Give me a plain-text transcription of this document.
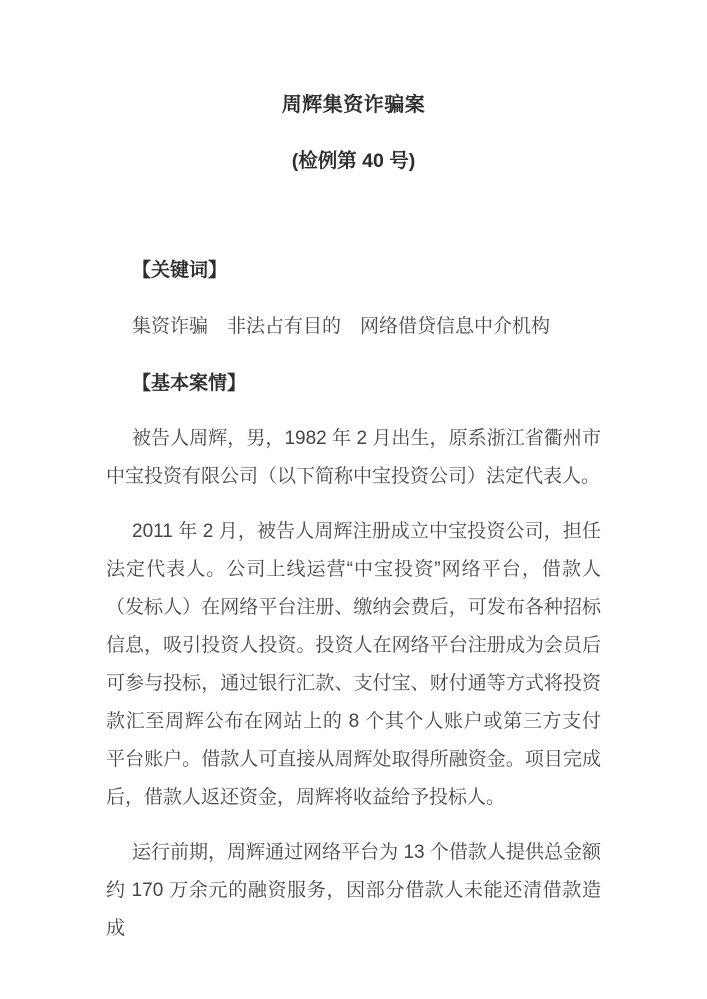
周辉集资诈骗案
(检例第 40 号)
【关键词】
集资诈骗　非法占有目的　网络借贷信息中介机构
【基本案情】

被告人周辉，男，1982 年 2 月出生，原系浙江省衢州市中宝投资有限公司（以下简称中宝投资公司）法定代表人。

2011 年 2 月，被告人周辉注册成立中宝投资公司，担任法定代表人。公司上线运营“中宝投资”网络平台，借款人（发标人）在网络平台注册、缴纳会费后，可发布各种招标信息，吸引投资人投资。投资人在网络平台注册成为会员后可参与投标，通过银行汇款、支付宝、财付通等方式将投资款汇至周辉公布在网站上的 8 个其个人账户或第三方支付平台账户。借款人可直接从周辉处取得所融资金。项目完成后，借款人返还资金，周辉将收益给予投标人。

运行前期，周辉通过网络平台为 13 个借款人提供总金额约 170 万余元的融资服务，因部分借款人未能还清借款造成
